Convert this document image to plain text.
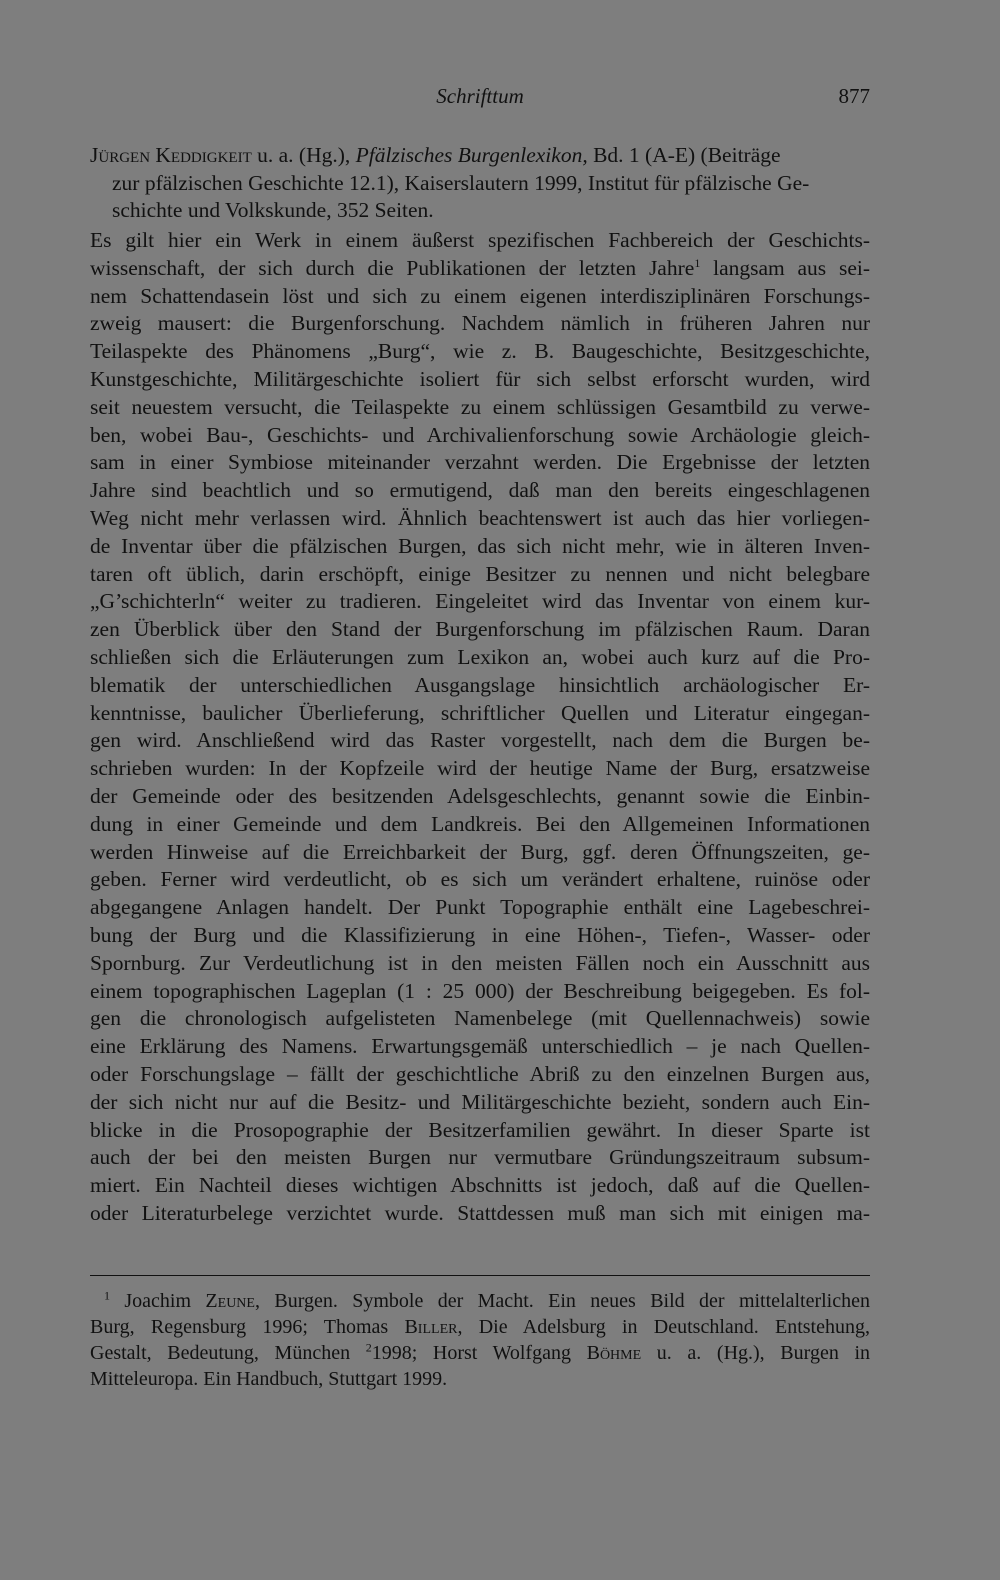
Schrifttum	877
Jürgen Keddigkeit u. a. (Hg.), Pfälzisches Burgenlexikon, Bd. 1 (A-E) (Beiträge
zur pfälzischen Geschichte 12.1), Kaiserslautern 1999, Institut für pfälzische Ge-
schichte und Volkskunde, 352 Seiten.
Es gilt hier ein Werk in einem äußerst spezifischen Fachbereich der Geschichts-
wissenschaft, der sich durch die Publikationen der letzten Jahre$^1$ langsam aus sei-
nem Schattendasein löst und sich zu einem eigenen interdisziplinären Forschungs-
zweig mausert: die Burgenforschung. Nachdem nämlich in früheren Jahren nur
Teilaspekte des Phänomens „Burg“, wie z. B. Baugeschichte, Besitzgeschichte,
Kunstgeschichte, Militärgeschichte isoliert für sich selbst erforscht wurden, wird
seit neuestem versucht, die Teilaspekte zu einem schlüssigen Gesamtbild zu verwe-
ben, wobei Bau-, Geschichts- und Archivalienforschung sowie Archäologie gleich-
sam in einer Symbiose miteinander verzahnt werden. Die Ergebnisse der letzten
Jahre sind beachtlich und so ermutigend, daß man den bereits eingeschlagenen
Weg nicht mehr verlassen wird. Ähnlich beachtenswert ist auch das hier vorliegen-
de Inventar über die pfälzischen Burgen, das sich nicht mehr, wie in älteren Inven-
taren oft üblich, darin erschöpft, einige Besitzer zu nennen und nicht belegbare
„G’schichterln“ weiter zu tradieren. Eingeleitet wird das Inventar von einem kur-
zen Überblick über den Stand der Burgenforschung im pfälzischen Raum. Daran
schließen sich die Erläuterungen zum Lexikon an, wobei auch kurz auf die Pro-
blematik der unterschiedlichen Ausgangslage hinsichtlich archäologischer Er-
kenntnisse, baulicher Überlieferung, schriftlicher Quellen und Literatur eingegan-
gen wird. Anschließend wird das Raster vorgestellt, nach dem die Burgen be-
schrieben wurden: In der Kopfzeile wird der heutige Name der Burg, ersatzweise
der Gemeinde oder des besitzenden Adelsgeschlechts, genannt sowie die Einbin-
dung in einer Gemeinde und dem Landkreis. Bei den Allgemeinen Informationen
werden Hinweise auf die Erreichbarkeit der Burg, ggf. deren Öffnungszeiten, ge-
geben. Ferner wird verdeutlicht, ob es sich um verändert erhaltene, ruinöse oder
abgegangene Anlagen handelt. Der Punkt Topographie enthält eine Lagebeschrei-
bung der Burg und die Klassifizierung in eine Höhen-, Tiefen-, Wasser- oder
Spornburg. Zur Verdeutlichung ist in den meisten Fällen noch ein Ausschnitt aus
einem topographischen Lageplan (1 : 25 000) der Beschreibung beigegeben. Es fol-
gen die chronologisch aufgelisteten Namenbelege (mit Quellennachweis) sowie
eine Erklärung des Namens. Erwartungsgemäß unterschiedlich – je nach Quellen-
oder Forschungslage – fällt der geschichtliche Abriß zu den einzelnen Burgen aus,
der sich nicht nur auf die Besitz- und Militärgeschichte bezieht, sondern auch Ein-
blicke in die Prosopographie der Besitzerfamilien gewährt. In dieser Sparte ist
auch der bei den meisten Burgen nur vermutbare Gründungszeitraum subsum-
miert. Ein Nachteil dieses wichtigen Abschnitts ist jedoch, daß auf die Quellen-
oder Literaturbelege verzichtet wurde. Stattdessen muß man sich mit einigen ma-
$^1$ Joachim Zeune, Burgen. Symbole der Macht. Ein neues Bild der mittelalterlichen
Burg, Regensburg 1996; Thomas Biller, Die Adelsburg in Deutschland. Entstehung,
Gestalt, Bedeutung, München $^2$1998; Horst Wolfgang Böhme u. a. (Hg.), Burgen in
Mitteleuropa. Ein Handbuch, Stuttgart 1999.
